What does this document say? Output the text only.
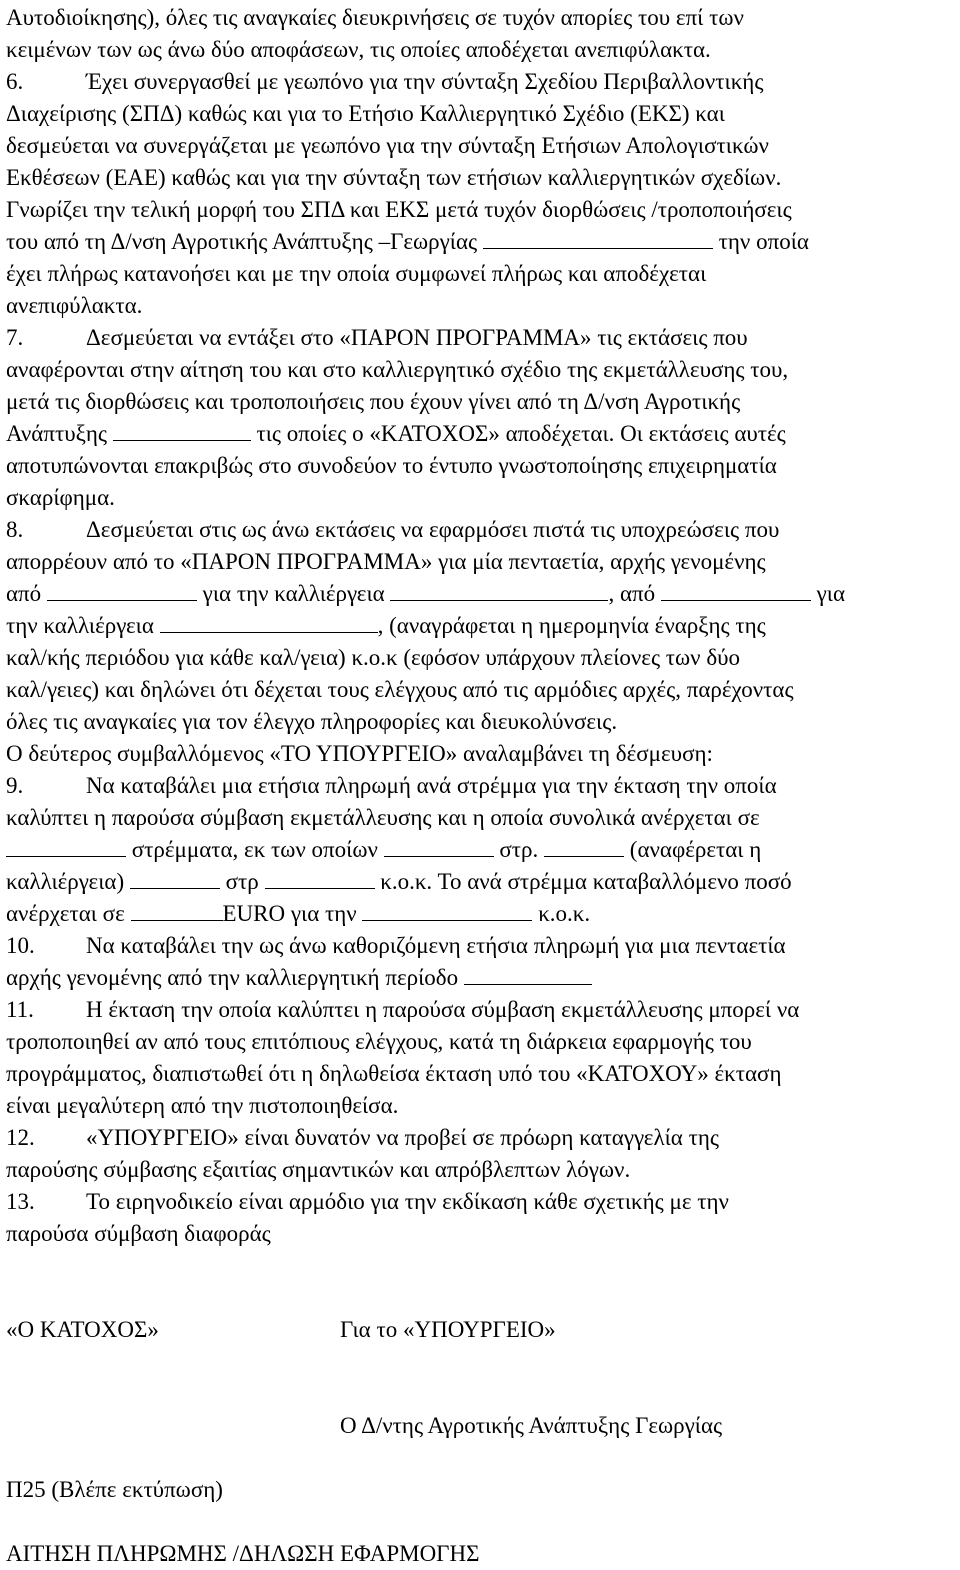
Αυτοδιοίκησης), όλες τις αναγκαίες διευκρινήσεις σε τυχόν απορίες του επί των
κειμένων των ως άνω δύο αποφάσεων, τις οποίες αποδέχεται ανεπιφύλακτα.
6.	Έχει συνεργασθεί με γεωπόνο για την σύνταξη Σχεδίου Περιβαλλοντικής
Διαχείρισης (ΣΠΔ) καθώς και για το Ετήσιο Καλλιεργητικό Σχέδιο (ΕΚΣ) και
δεσμεύεται να συνεργάζεται με γεωπόνο για την σύνταξη Ετήσιων Απολογιστικών
Εκθέσεων (ΕΑΕ) καθώς και για την σύνταξη των ετήσιων καλλιεργητικών σχεδίων.
Γνωρίζει την τελική μορφή του ΣΠΔ και ΕΚΣ μετά τυχόν διορθώσεις /τροποποιήσεις
του από τη Δ/νση Αγροτικής Ανάπτυξης –Γεωργίας	την οποία
έχει πλήρως κατανοήσει και με την οποία συμφωνεί πλήρως και αποδέχεται
ανεπιφύλακτα.
7.	Δεσμεύεται να εντάξει στο «ΠΑΡΟΝ ΠΡΟΓΡΑΜΜΑ» τις εκτάσεις που
αναφέρονται στην αίτηση του και στο καλλιεργητικό σχέδιο της εκμετάλλευσης του,
μετά τις διορθώσεις και τροποποιήσεις που έχουν γίνει από τη Δ/νση Αγροτικής
Ανάπτυξης	τις οποίες ο «ΚΑΤΟΧΟΣ» αποδέχεται. Οι εκτάσεις αυτές
αποτυπώνονται επακριβώς στο συνοδεύον το έντυπο γνωστοποίησης επιχειρηματία
σκαρίφημα.
8.	Δεσμεύεται στις ως άνω εκτάσεις να εφαρμόσει πιστά τις υποχρεώσεις που
απορρέουν από το «ΠΑΡΟΝ ΠΡΟΓΡΑΜΜΑ» για μία πενταετία, αρχής γενομένης
από	για την καλλιέργεια	, από	για
την καλλιέργεια	, (αναγράφεται η ημερομηνία έναρξης της
καλ/κής περιόδου για κάθε καλ/γεια) κ.ο.κ (εφόσον υπάρχουν πλείονες των δύο
καλ/γειες) και δηλώνει ότι δέχεται τους ελέγχους από τις αρμόδιες αρχές, παρέχοντας
όλες τις αναγκαίες για τον έλεγχο πληροφορίες και διευκολύνσεις.
Ο δεύτερος συμβαλλόμενος «ΤΟ ΥΠΟΥΡΓΕΙΟ» αναλαμβάνει τη δέσμευση:
9.	Να καταβάλει μια ετήσια πληρωμή ανά στρέμμα για την έκταση την οποία
καλύπτει η παρούσα σύμβαση εκμετάλλευσης και η οποία συνολικά ανέρχεται σε
στρέμματα, εκ των οποίων	στρ.	(αναφέρεται η
καλλιέργεια)	στρ	κ.ο.κ. Το ανά στρέμμα καταβαλλόμενο ποσό
ανέρχεται σε	EURO για την	κ.ο.κ.
10. Να καταβάλει την ως άνω καθοριζόμενη ετήσια πληρωμή για μια πενταετία
αρχής γενομένης από την καλλιεργητική περίοδο
11. Η έκταση την οποία καλύπτει η παρούσα σύμβαση εκμετάλλευσης μπορεί να
τροποποιηθεί αν από τους επιτόπιους ελέγχους, κατά τη διάρκεια εφαρμογής του
προγράμματος, διαπιστωθεί ότι η δηλωθείσα έκταση υπό του «ΚΑΤΟΧΟΥ» έκταση
είναι μεγαλύτερη από την πιστοποιηθείσα.
12. «ΥΠΟΥΡΓΕΙΟ» είναι δυνατόν να προβεί σε πρόωρη καταγγελία της
παρούσης σύμβασης εξαιτίας σημαντικών και απρόβλεπτων λόγων.
13. Το ειρηνοδικείο είναι αρμόδιο για την εκδίκαση κάθε σχετικής με την
παρούσα σύμβαση διαφοράς
«Ο ΚΑΤΟΧΟΣ»	Για το «ΥΠΟΥΡΓΕΙΟ»
Ο Δ/ντης Αγροτικής Ανάπτυξης Γεωργίας
Π25 (Βλέπε εκτύπωση)
ΑΙΤΗΣΗ ΠΛΗΡΩΜΗΣ /ΔΗΛΩΣΗ ΕΦΑΡΜΟΓΗΣ
